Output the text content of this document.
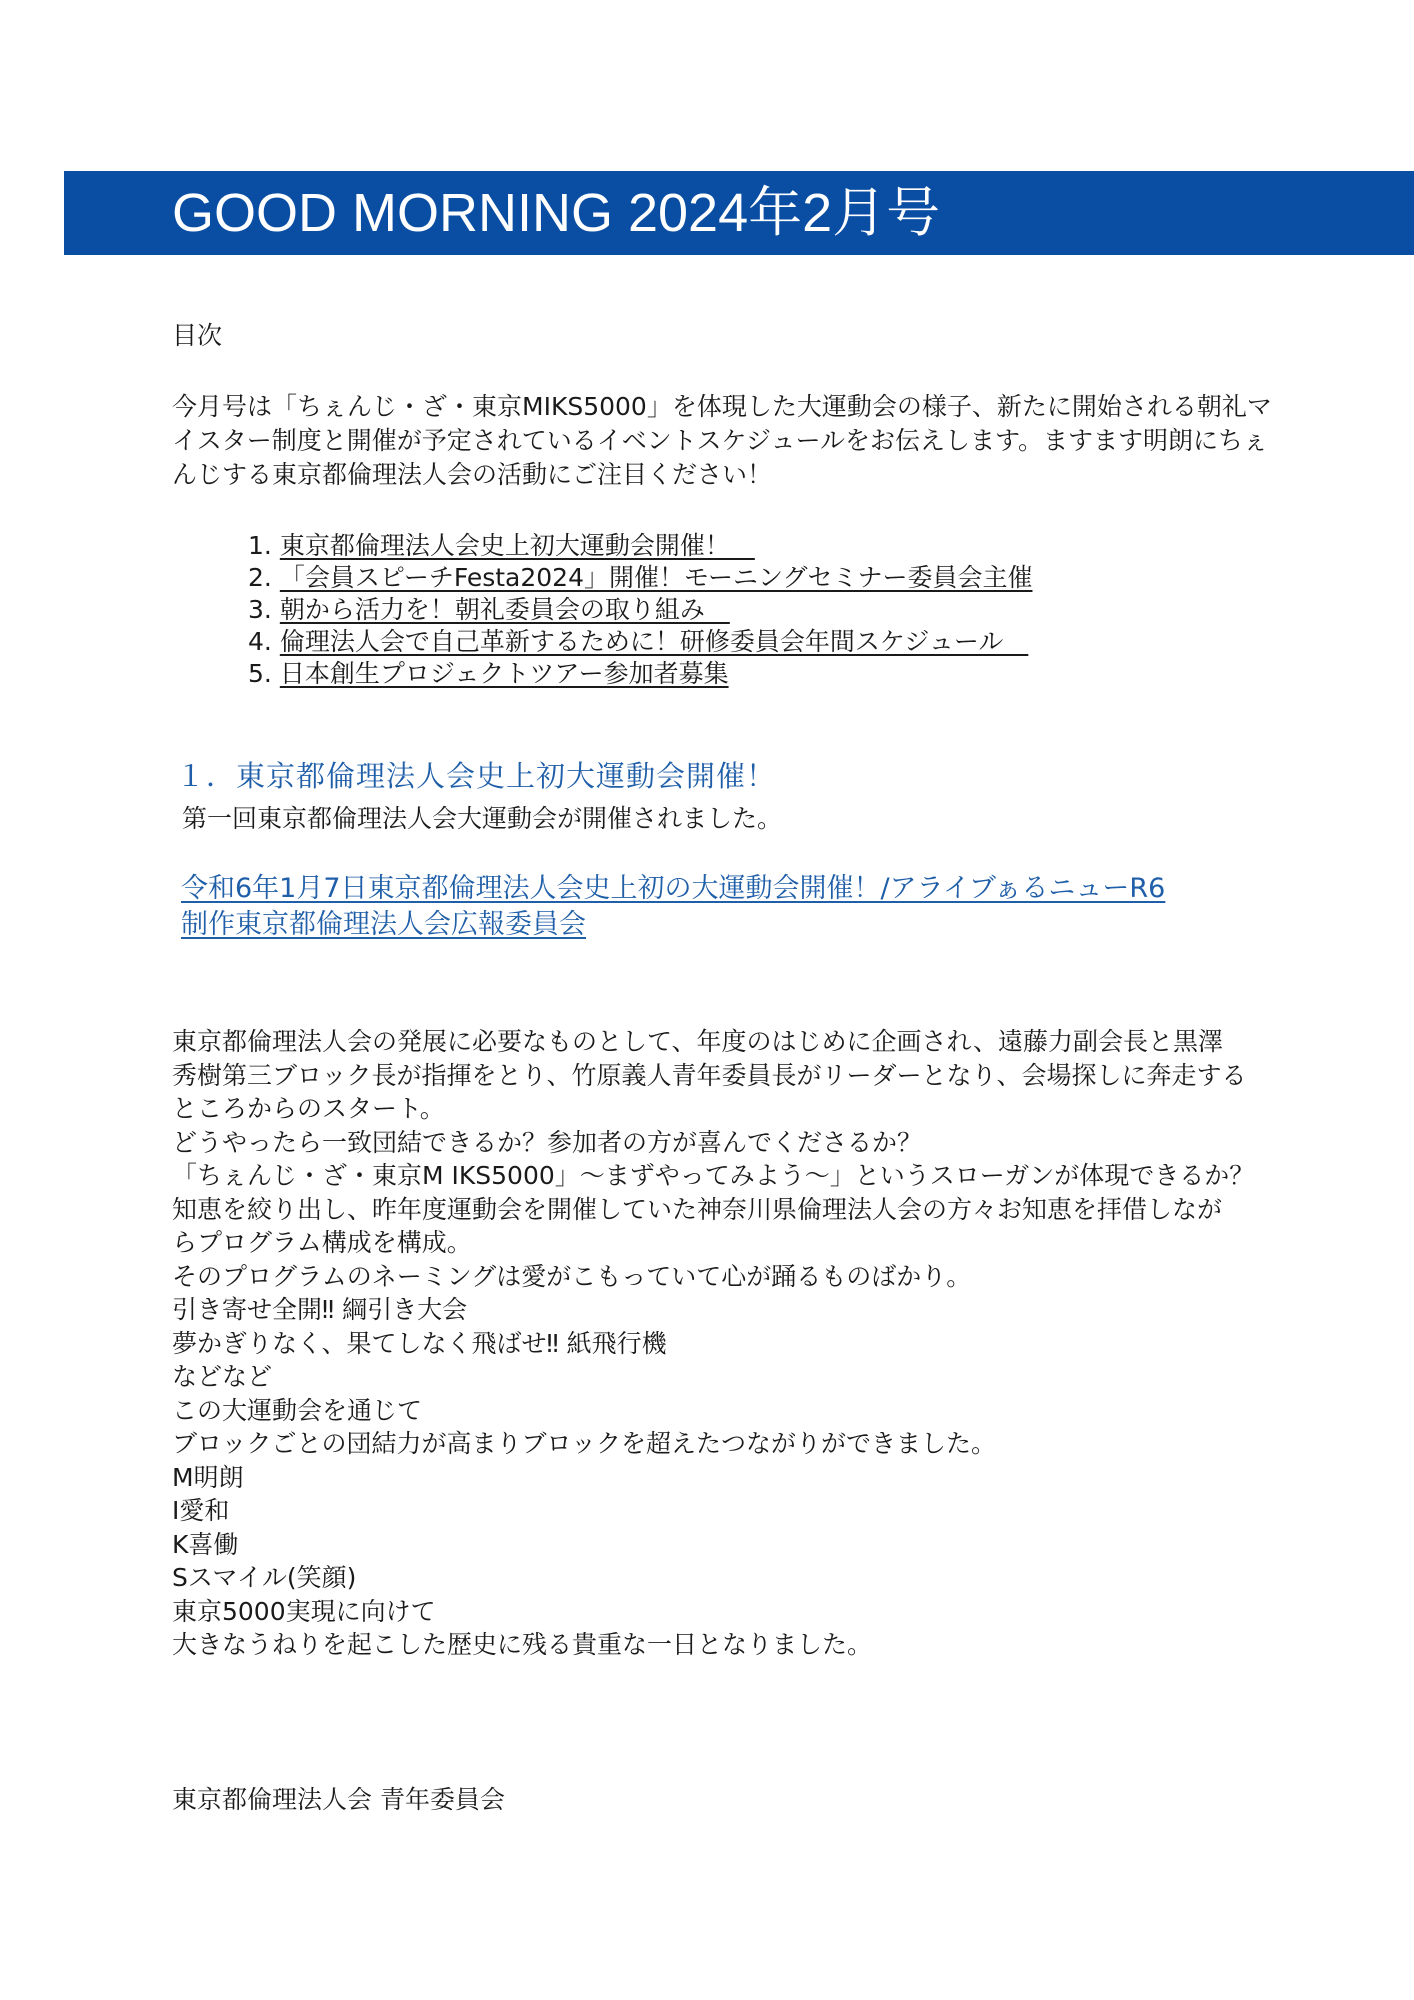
GOOD MORNING 2024年2月号
目次
今月号は「ちぇんじ・ざ・東京MIKS5000」を体現した大運動会の様子、新たに開始される朝礼マ
イスター制度と開催が予定されているイベントスケジュールをお伝えします。ますます明朗にちぇ
んじする東京都倫理法人会の活動にご注目ください！
1. 東京都倫理法人会史上初大運動会開催！　
2. 「会員スピーチFesta2024」開催！モーニングセミナー委員会主催
3. 朝から活力を！朝礼委員会の取り組み　
4. 倫理法人会で自己革新するために！研修委員会年間スケジュール　
5. 日本創生プロジェクトツアー参加者募集
１．東京都倫理法人会史上初大運動会開催！
第一回東京都倫理法人会大運動会が開催されました。
令和6年1月7日東京都倫理法人会史上初の大運動会開催！/アライブぁるニューR6
制作東京都倫理法人会広報委員会
東京都倫理法人会の発展に必要なものとして、年度のはじめに企画され、遠藤力副会長と黒澤
秀樹第三ブロック長が指揮をとり、竹原義人青年委員長がリーダーとなり、会場探しに奔走する
ところからのスタート。
どうやったら一致団結できるか？参加者の方が喜んでくださるか？
「ちぇんじ・ざ・東京M IKS5000」〜まずやってみよう〜」というスローガンが体現できるか？
知恵を絞り出し、昨年度運動会を開催していた神奈川県倫理法人会の方々お知恵を拝借しなが
らプログラム構成を構成。
そのプログラムのネーミングは愛がこもっていて心が踊るものばかり。
引き寄せ全開‼ 綱引き大会
夢かぎりなく、果てしなく飛ばせ‼ 紙飛行機
などなど
この大運動会を通じて
ブロックごとの団結力が高まりブロックを超えたつながりができました。
M明朗
I愛和
K喜働
Sスマイル(笑顔)
東京5000実現に向けて
大きなうねりを起こした歴史に残る貴重な一日となりました。
東京都倫理法人会 青年委員会
